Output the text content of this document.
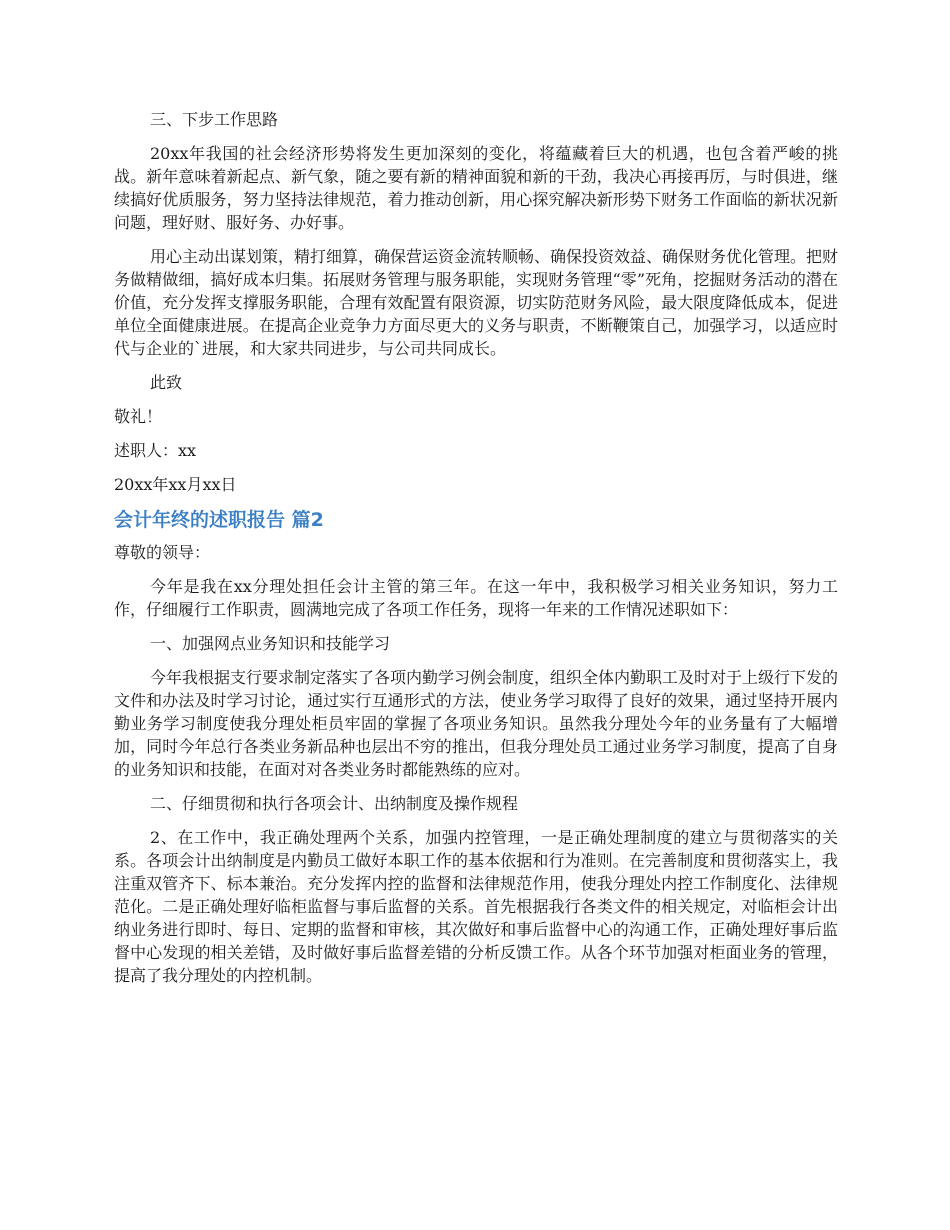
三、下步工作思路

20xx年我国的社会经济形势将发生更加深刻的变化，将蕴藏着巨大的机遇，也包含着严峻的挑战。新年意味着新起点、新气象，随之要有新的精神面貌和新的干劲，我决心再接再厉，与时俱进，继续搞好优质服务，努力坚持法律规范，着力推动创新，用心探究解决新形势下财务工作面临的新状况新问题，理好财、服好务、办好事。

用心主动出谋划策，精打细算，确保营运资金流转顺畅、确保投资效益、确保财务优化管理。把财务做精做细，搞好成本归集。拓展财务管理与服务职能，实现财务管理“零”死角，挖掘财务活动的潜在价值，充分发挥支撑服务职能，合理有效配置有限资源，切实防范财务风险，最大限度降低成本，促进单位全面健康进展。在提高企业竞争力方面尽更大的义务与职责，不断鞭策自己，加强学习，以适应时代与企业的`进展，和大家共同进步，与公司共同成长。

此致

敬礼！

述职人：xx

20xx年xx月xx日

会计年终的述职报告 篇2

尊敬的领导：

今年是我在xx分理处担任会计主管的第三年。在这一年中，我积极学习相关业务知识，努力工作，仔细履行工作职责，圆满地完成了各项工作任务，现将一年来的工作情况述职如下：

一、加强网点业务知识和技能学习

今年我根据支行要求制定落实了各项内勤学习例会制度，组织全体内勤职工及时对于上级行下发的文件和办法及时学习讨论，通过实行互通形式的方法，使业务学习取得了良好的效果，通过坚持开展内勤业务学习制度使我分理处柜员牢固的掌握了各项业务知识。虽然我分理处今年的业务量有了大幅增加，同时今年总行各类业务新品种也层出不穷的推出，但我分理处员工通过业务学习制度，提高了自身的业务知识和技能，在面对对各类业务时都能熟练的应对。

二、仔细贯彻和执行各项会计、出纳制度及操作规程

2、在工作中，我正确处理两个关系，加强内控管理，一是正确处理制度的建立与贯彻落实的关系。各项会计出纳制度是内勤员工做好本职工作的基本依据和行为准则。在完善制度和贯彻落实上，我注重双管齐下、标本兼治。充分发挥内控的监督和法律规范作用，使我分理处内控工作制度化、法律规范化。二是正确处理好临柜监督与事后监督的关系。首先根据我行各类文件的相关规定，对临柜会计出纳业务进行即时、每日、定期的监督和审核，其次做好和事后监督中心的沟通工作，正确处理好事后监督中心发现的相关差错，及时做好事后监督差错的分析反馈工作。从各个环节加强对柜面业务的管理，提高了我分理处的内控机制。
